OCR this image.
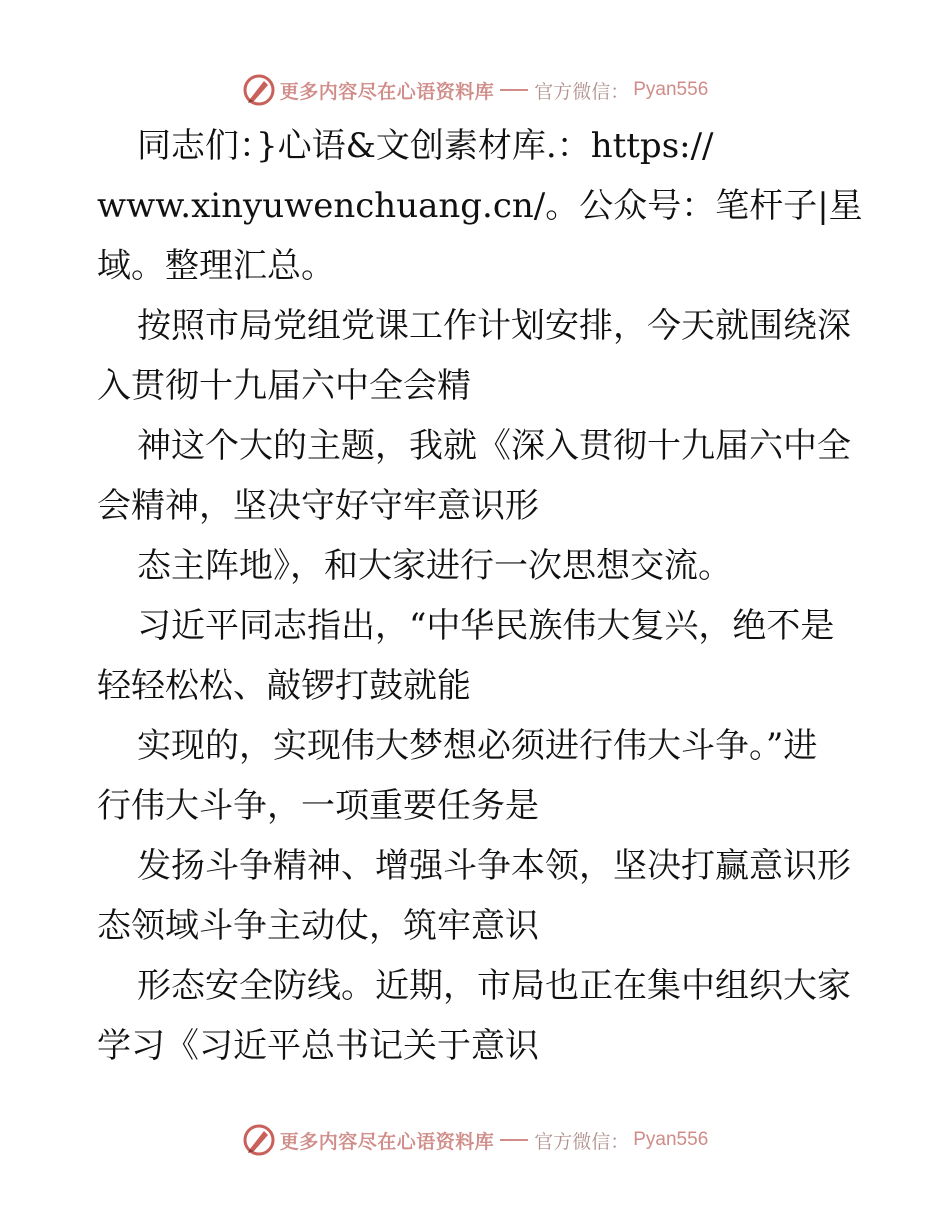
更多内容尽在心语资料库 官方微信： Pyan556
同志们：}心语&文创素材库.：https://
www.xinyuwenchuang.cn/。公众号：笔杆子|星
域。整理汇总。
按照市局党组党课工作计划安排，今天就围绕深
入贯彻十九届六中全会精
神这个大的主题，我就《深入贯彻十九届六中全
会精神，坚决守好守牢意识形
态主阵地》，和大家进行一次思想交流。
习近平同志指出，“中华民族伟大复兴，绝不是
轻轻松松、敲锣打鼓就能
实现的，实现伟大梦想必须进行伟大斗争。”进
行伟大斗争，一项重要任务是
发扬斗争精神、增强斗争本领，坚决打赢意识形
态领域斗争主动仗，筑牢意识
形态安全防线。近期，市局也正在集中组织大家
学习《习近平总书记关于意识
更多内容尽在心语资料库 官方微信： Pyan556
